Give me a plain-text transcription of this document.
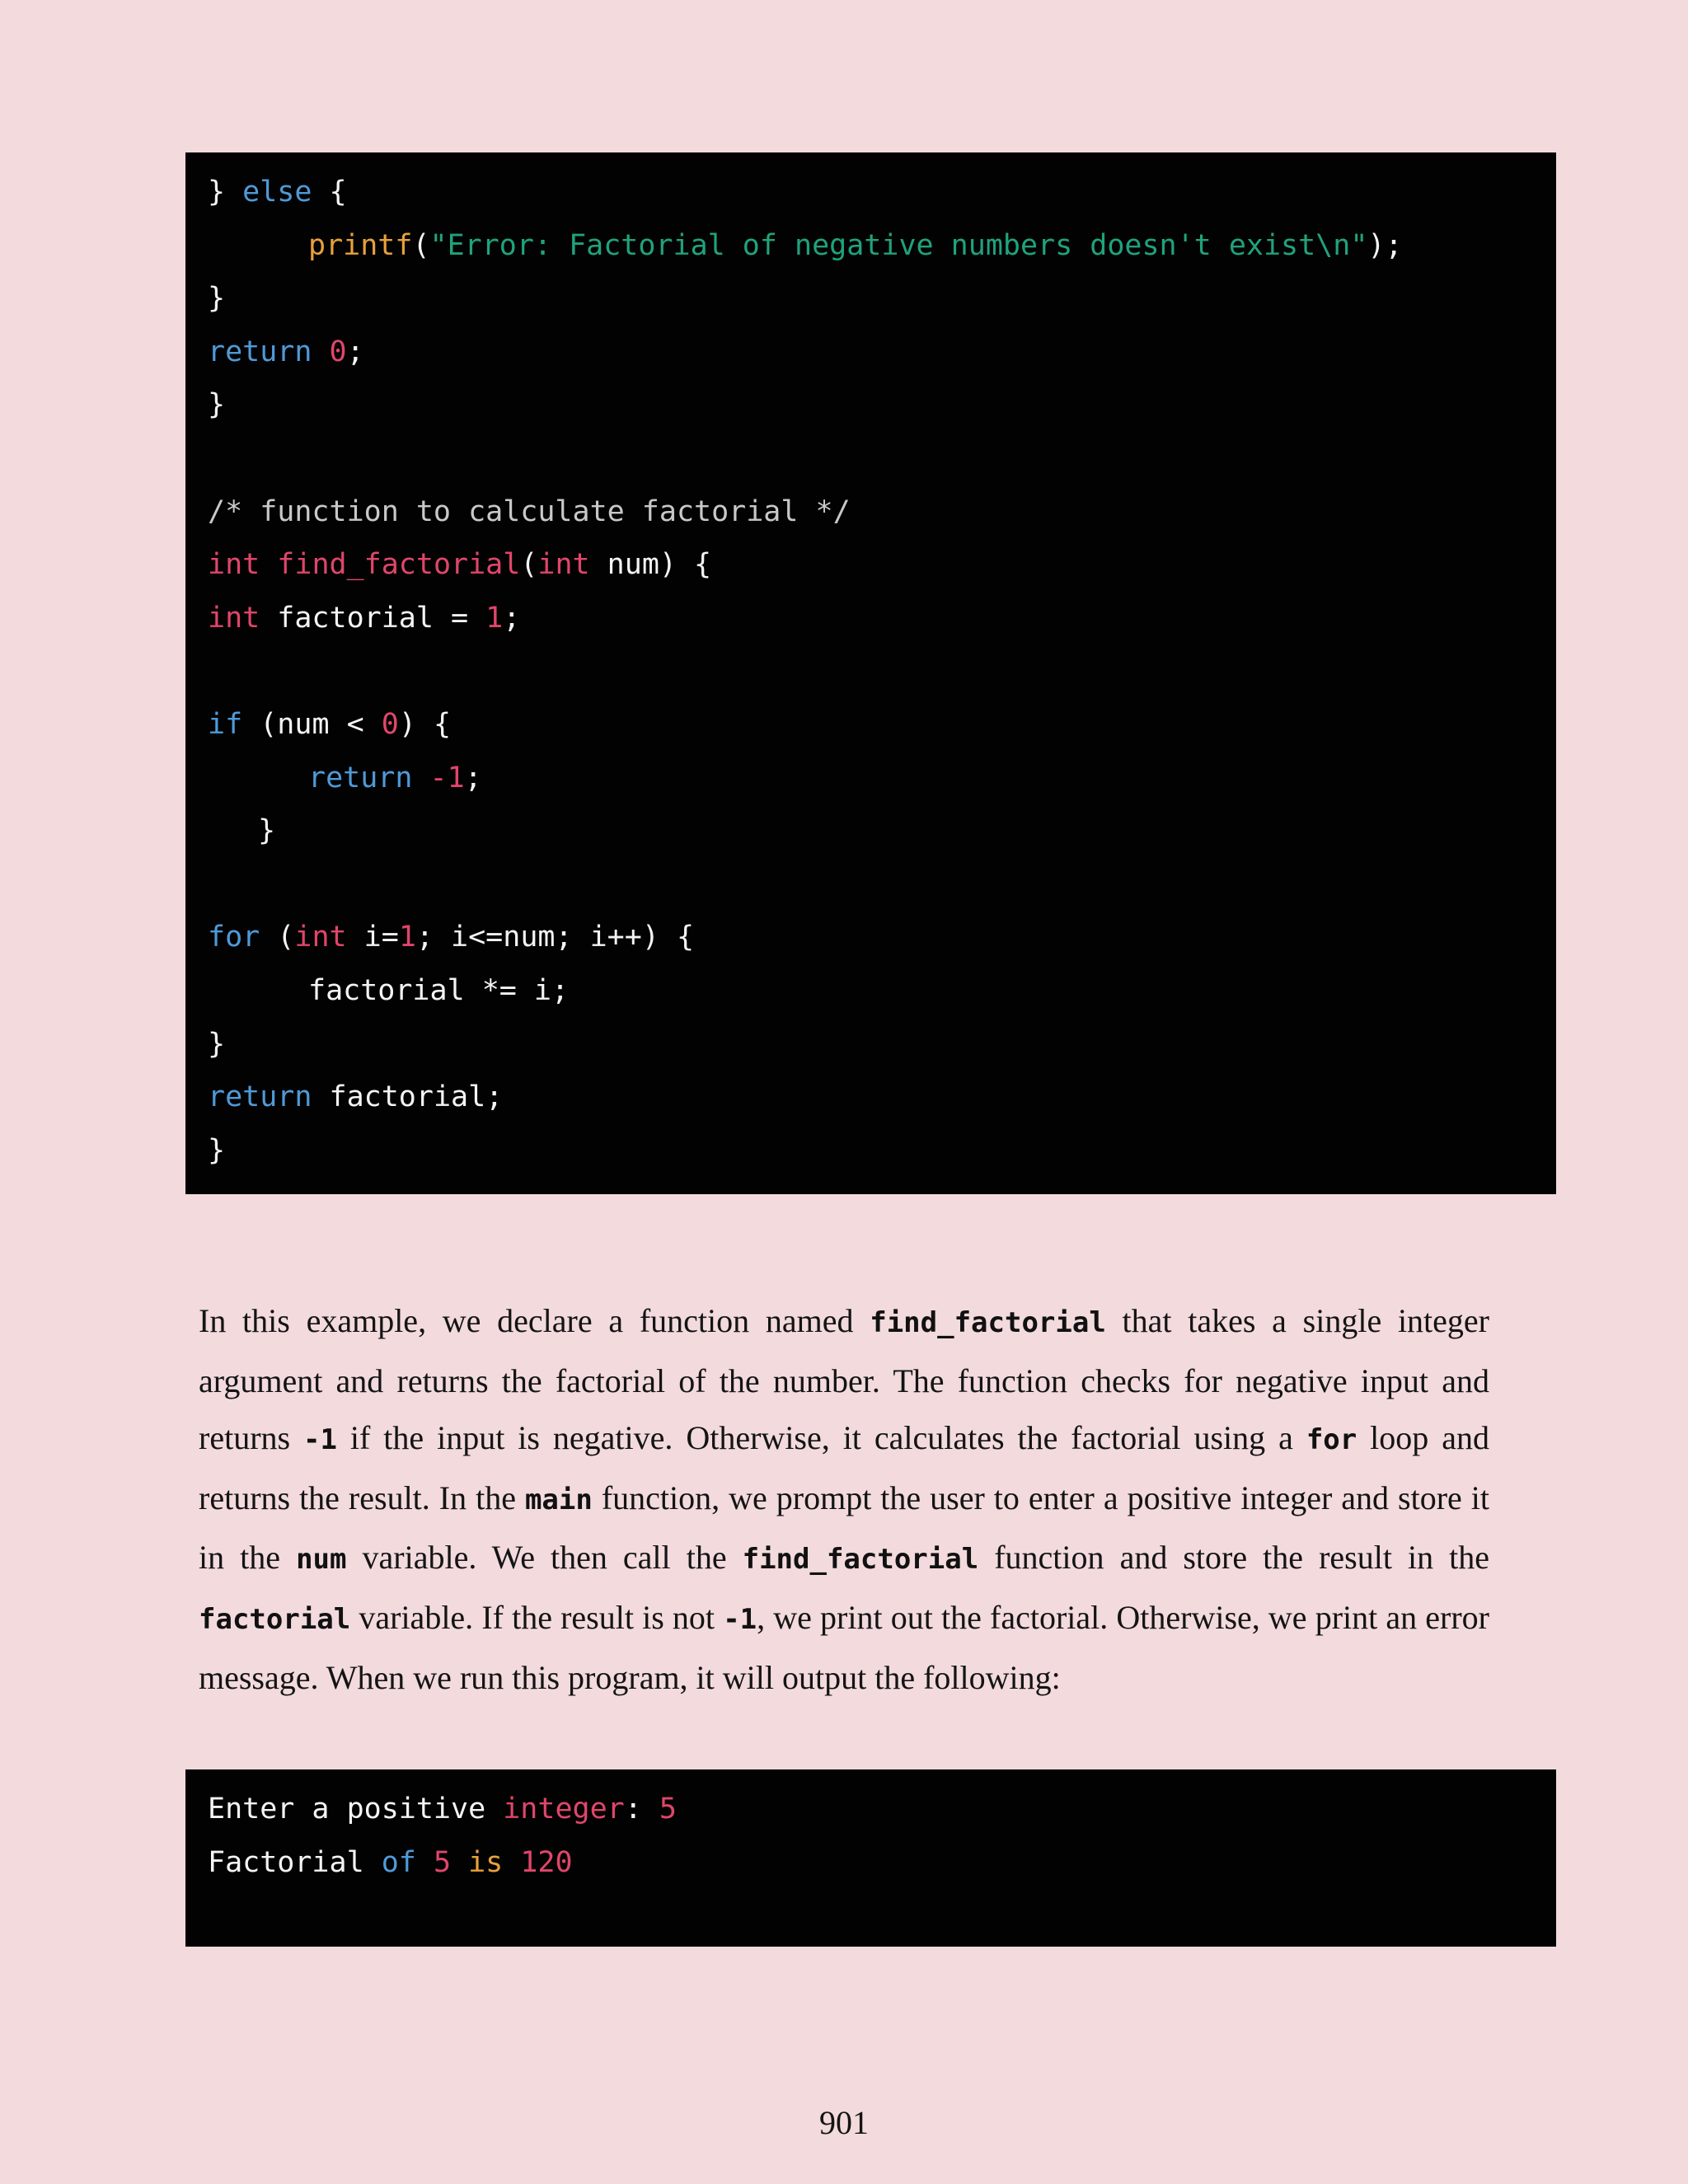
} else {
printf("Error: Factorial of negative numbers doesn't exist\n");
}
return 0;
}
/* function to calculate factorial */
int find_factorial(int num) {
int factorial = 1;
if (num < 0) {
return -1;
}
for (int i=1; i<=num; i++) {
factorial *= i;
}
return factorial;
}

In this example, we declare a function named find_factorial that takes a single integer argument and returns the factorial of the number. The function checks for negative input and returns -1 if the input is negative. Otherwise, it calculates the factorial using a for loop and returns the result. In the main function, we prompt the user to enter a positive integer and store it in the num variable. We then call the find_factorial function and store the result in the factorial variable. If the result is not -1, we print out the factorial. Otherwise, we print an error message. When we run this program, it will output the following:

Enter a positive integer: 5
Factorial of 5 is 120
901
